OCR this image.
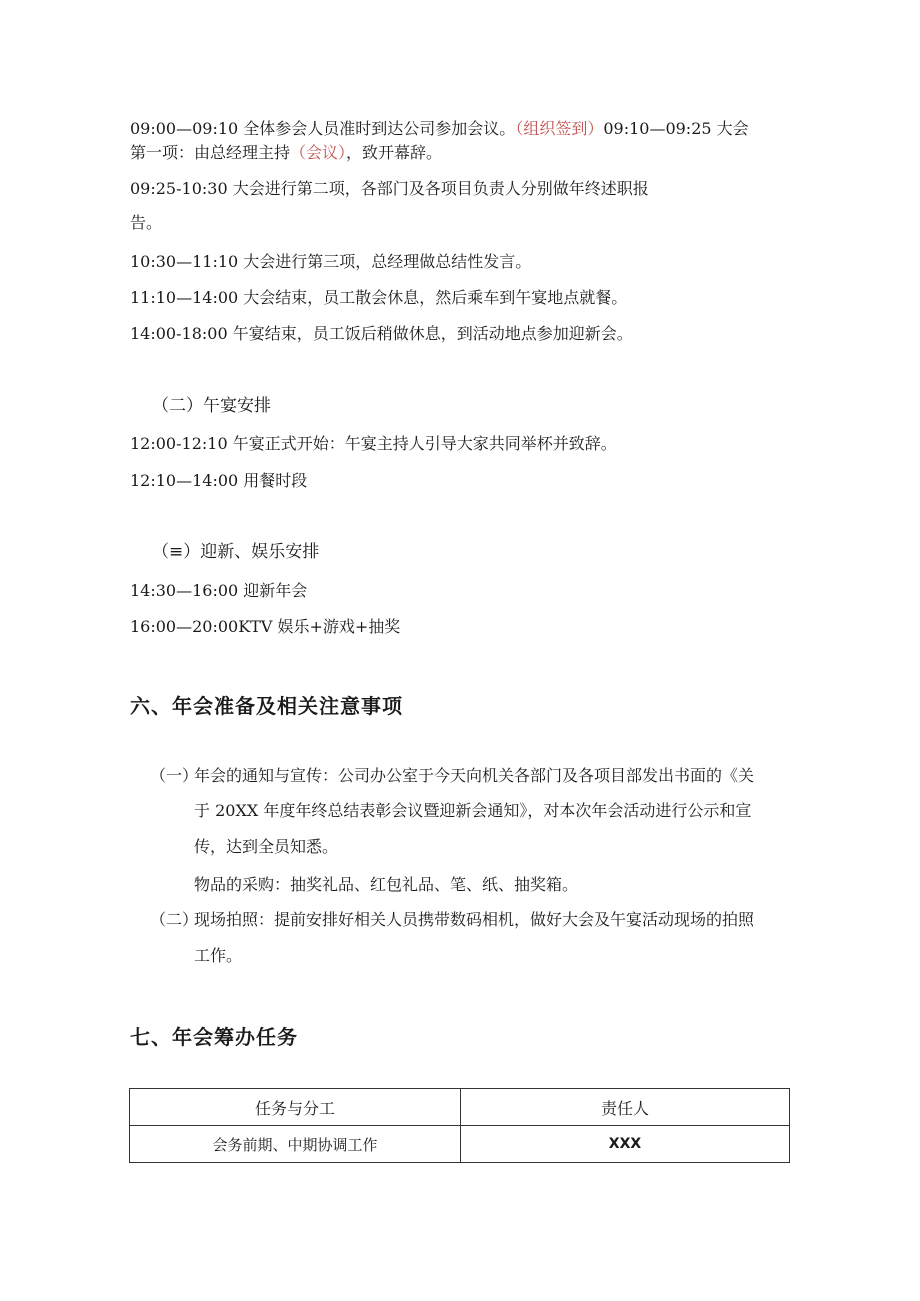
09:00—09:10 全体参会人员准时到达公司参加会议。（组织签到）09:10—09:25 大会
第一项：由总经理主持（会议），致开幕辞。
09:25-10:30 大会进行第二项，各部门及各项目负责人分别做年终述职报
告。
10:30—11:10 大会进行第三项，总经理做总结性发言。
11:10—14:00 大会结束，员工散会休息，然后乘车到午宴地点就餐。
14:00-18:00 午宴结束，员工饭后稍做休息，到活动地点参加迎新会。
（二）午宴安排
12:00-12:10 午宴正式开始：午宴主持人引导大家共同举杯并致辞。
12:10—14:00 用餐时段
（≡）迎新、娱乐安排
14:30—16:00 迎新年会
16:00—20:00KTV 娱乐+游戏+抽奖
六、年会准备及相关注意事项
（一）
年会的通知与宣传：公司办公室于今天向机关各部门及各项目部发出书面的《关
于 20XX 年度年终总结表彰会议暨迎新会通知》，对本次年会活动进行公示和宣
传，达到全员知悉。
物品的采购：抽奖礼品、红包礼品、笔、纸、抽奖箱。
（二）
现场拍照：提前安排好相关人员携带数码相机，做好大会及午宴活动现场的拍照
工作。
七、年会筹办任务
任务与分工	责任人
会务前期、中期协调工作	XXX
